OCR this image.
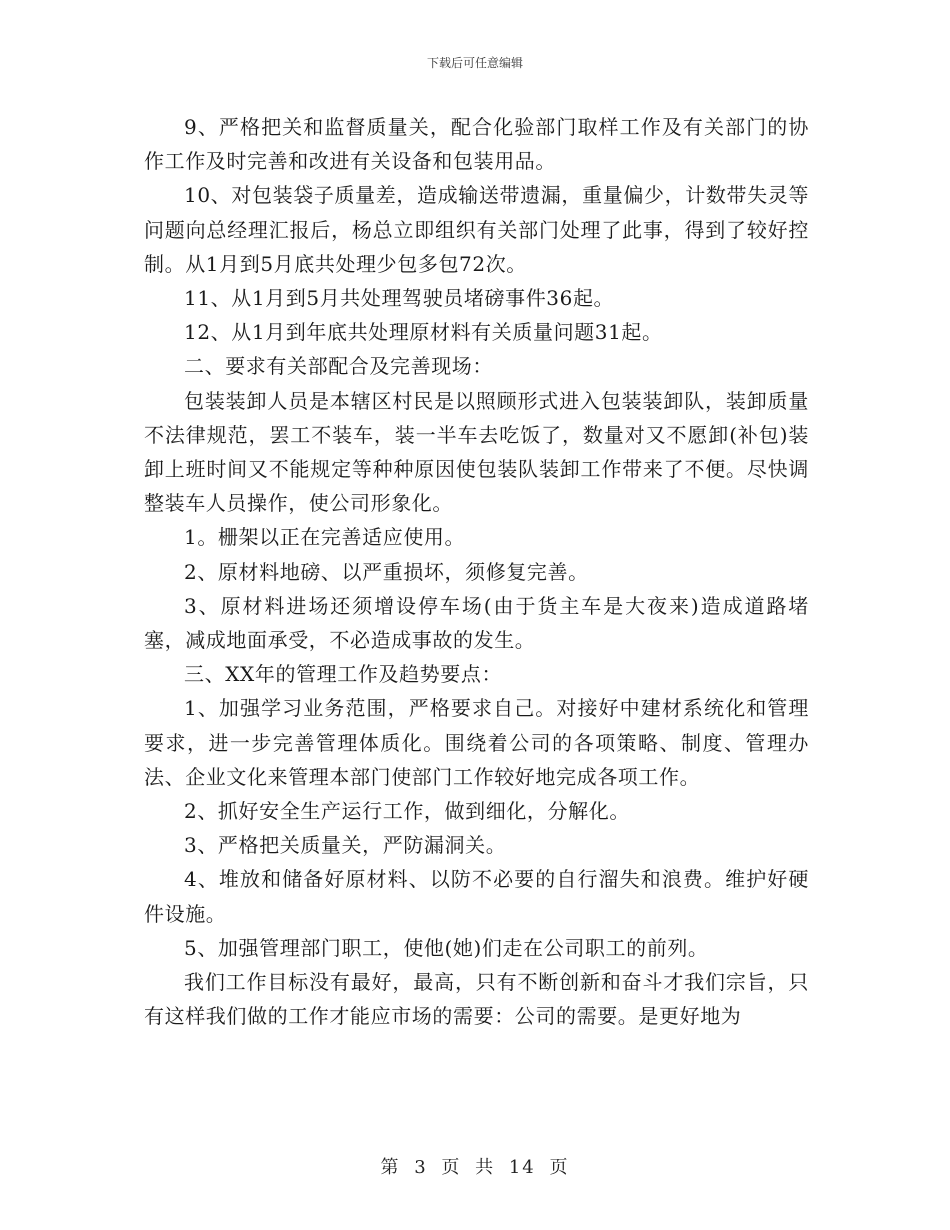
下载后可任意编辑

9、严格把关和监督质量关，配合化验部门取样工作及有关部门的协作工作及时完善和改进有关设备和包装用品。

10、对包装袋子质量差，造成输送带遗漏，重量偏少，计数带失灵等问题向总经理汇报后，杨总立即组织有关部门处理了此事，得到了较好控制。从1月到5月底共处理少包多包72次。

11、从1月到5月共处理驾驶员堵磅事件36起。

12、从1月到年底共处理原材料有关质量问题31起。

二、要求有关部配合及完善现场：

包装装卸人员是本辖区村民是以照顾形式进入包装装卸队，装卸质量不法律规范，罢工不装车，装一半车去吃饭了，数量对又不愿卸(补包)装卸上班时间又不能规定等种种原因使包装队装卸工作带来了不便。尽快调整装车人员操作，使公司形象化。

1。栅架以正在完善适应使用。

2、原材料地磅、以严重损坏，须修复完善。

3、原材料进场还须增设停车场(由于货主车是大夜来)造成道路堵塞，减成地面承受，不必造成事故的发生。

三、XX年的管理工作及趋势要点：

1、加强学习业务范围，严格要求自己。对接好中建材系统化和管理要求，进一步完善管理体质化。围绕着公司的各项策略、制度、管理办法、企业文化来管理本部门使部门工作较好地完成各项工作。

2、抓好安全生产运行工作，做到细化，分解化。

3、严格把关质量关，严防漏洞关。

4、堆放和储备好原材料、以防不必要的自行溜失和浪费。维护好硬件设施。

5、加强管理部门职工，使他(她)们走在公司职工的前列。

我们工作目标没有最好，最高，只有不断创新和奋斗才我们宗旨，只有这样我们做的工作才能应市场的需要：公司的需要。是更好地为

第 3 页 共 14 页
